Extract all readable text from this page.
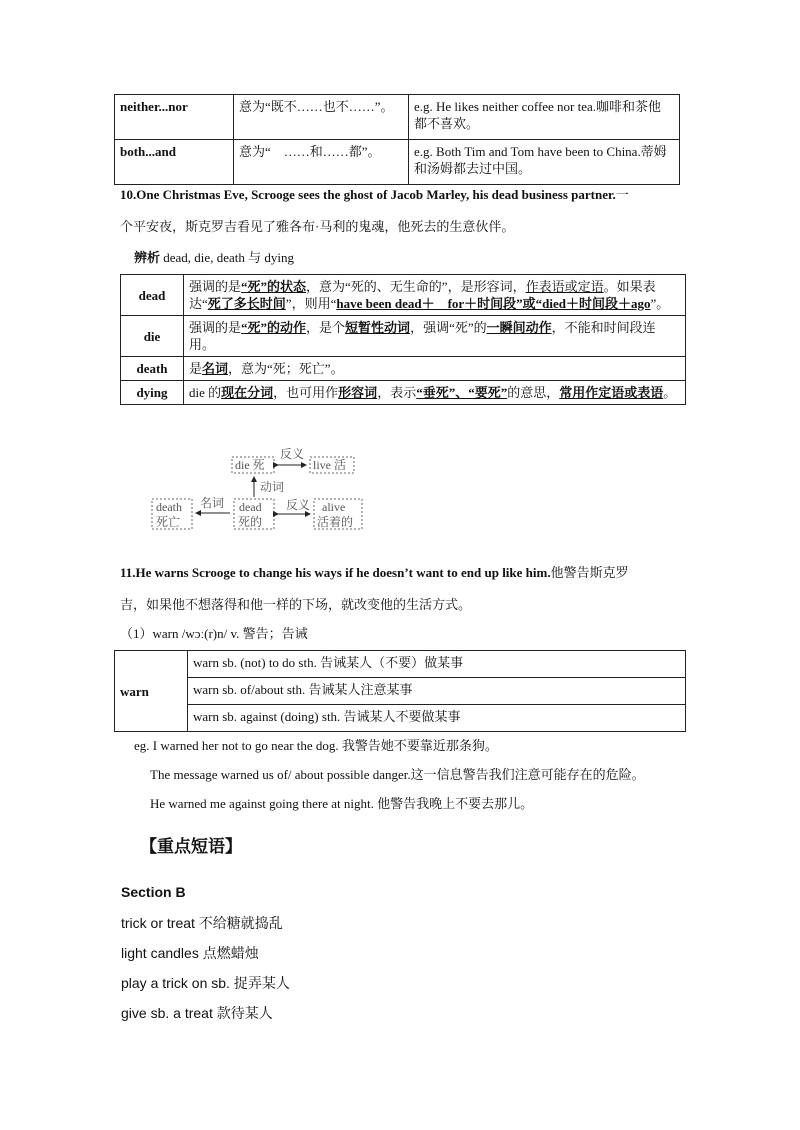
neither...nor	意为“既不……也不……”。	e.g. He likes neither coffee nor tea.咖啡和茶他都不喜欢。
both...and	意为“　……和……都”。	e.g. Both Tim and Tom have been to China.蒂姆和汤姆都去过中国。
10.One Christmas Eve, Scrooge sees the ghost of Jacob Marley, his dead business partner.一
个平安夜，斯克罗吉看见了雅各布·马利的鬼魂，他死去的生意伙伴。
辨析 dead, die, death 与 dying
dead	强调的是“死”的状态，意为“死的、无生命的”，是形容词，作表语或定语。如果表达“死了多长时间”，则用“have been dead＋　for＋时间段”或“died＋时间段＋ago”。
die	强调的是“死”的动作，是个短暂性动词，强调“死”的一瞬间动作，不能和时间段连用。
death	是名词，意为“死；死亡”。
dying	die 的现在分词，也可用作形容词，表示“垂死”、“要死”的意思，常用作定语或表语。
die 死	live 活
反义
动词
death
死亡
名词 dead
死的
反义 alive
活着的
11.He warns Scrooge to change his ways if he doesn’t want to end up like him.他警告斯克罗
吉，如果他不想落得和他一样的下场，就改变他的生活方式。
（1）warn /wɔː(r)n/ v. 警告；告诫
warn	warn sb. (not) to do sth. 告诫某人（不要）做某事
warn sb. of/about sth. 告诫某人注意某事
warn sb. against (doing) sth. 告诫某人不要做某事
eg. I warned her not to go near the dog. 我警告她不要靠近那条狗。
The message warned us of/ about possible danger.这一信息警告我们注意可能存在的危险。
He warned me against going there at night. 他警告我晚上不要去那儿。
【重点短语】
Section B
trick or treat 不给糖就捣乱
light candles 点燃蜡烛
play a trick on sb. 捉弄某人
give sb. a treat 款待某人
